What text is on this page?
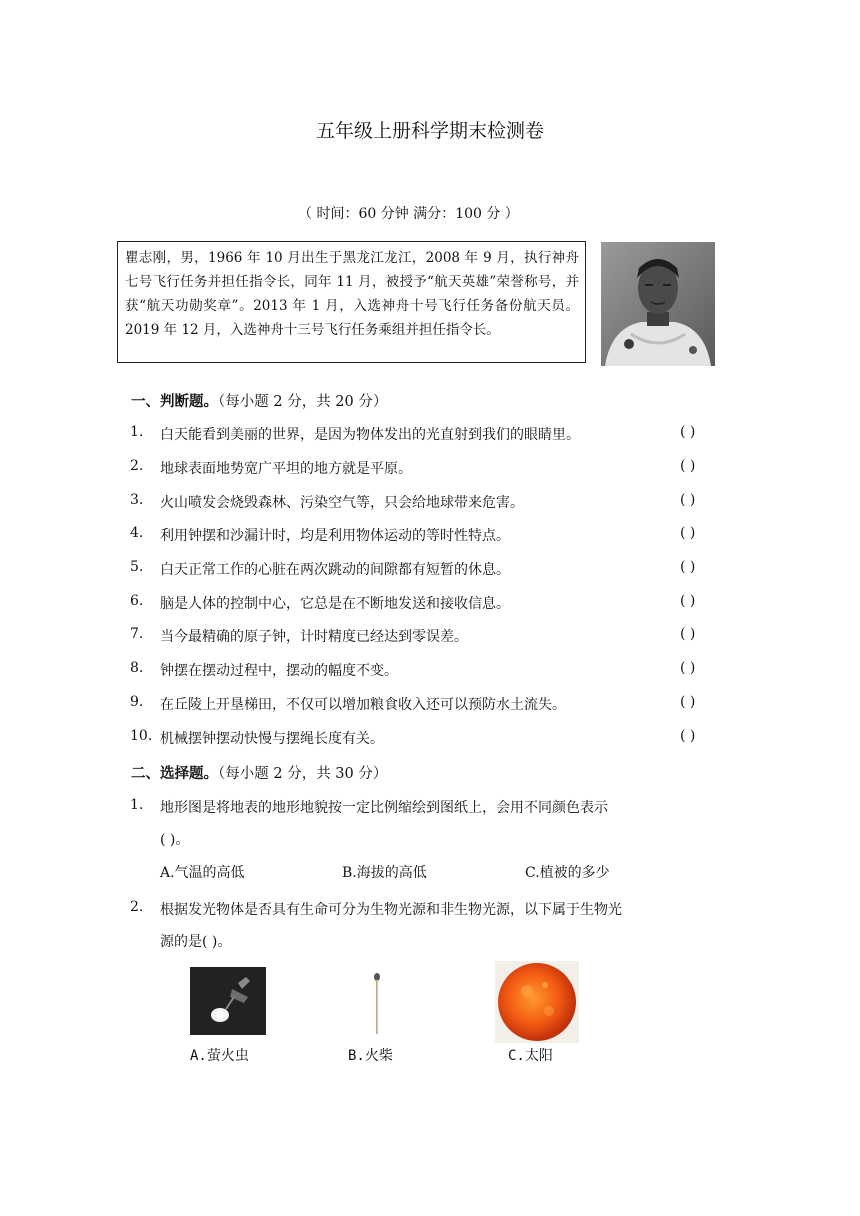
五年级上册科学期末检测卷
（ 时间：60 分钟 满分：100 分 ）
瞿志刚，男，1966 年 10 月出生于黑龙江龙江，2008 年 9 月，执行神舟七号飞行任务并担任指令长，同年 11 月，被授予“航天英雄”荣誉称号，并获“航天功勋奖章”。2013 年 1 月，入选神舟十号飞行任务备份航天员。2019 年 12 月，入选神舟十三号飞行任务乘组并担任指令长。
一、判断题。（每小题 2 分，共 20 分）
1. 白天能看到美丽的世界，是因为物体发出的光直射到我们的眼睛里。	( )
2. 地球表面地势宽广平坦的地方就是平原。	( )
3. 火山喷发会烧毁森林、污染空气等，只会给地球带来危害。	( )
4. 利用钟摆和沙漏计时，均是利用物体运动的等时性特点。	( )
5. 白天正常工作的心脏在两次跳动的间隙都有短暂的休息。	( )
6. 脑是人体的控制中心，它总是在不断地发送和接收信息。	( )
7. 当今最精确的原子钟，计时精度已经达到零误差。	( )
8. 钟摆在摆动过程中，摆动的幅度不变。	( )
9. 在丘陵上开垦梯田，不仅可以增加粮食收入还可以预防水土流失。	( )
10. 机械摆钟摆动快慢与摆绳长度有关。	( )
二、选择题。（每小题 2 分，共 30 分）
1. 地形图是将地表的地形地貌按一定比例缩绘到图纸上，会用不同颜色表示
( )。
A.气温的高低	B.海拔的高低	C.植被的多少
2. 根据发光物体是否具有生命可分为生物光源和非生物光源，以下属于生物光
源的是( )。
A.萤火虫	B.火柴	C.太阳
